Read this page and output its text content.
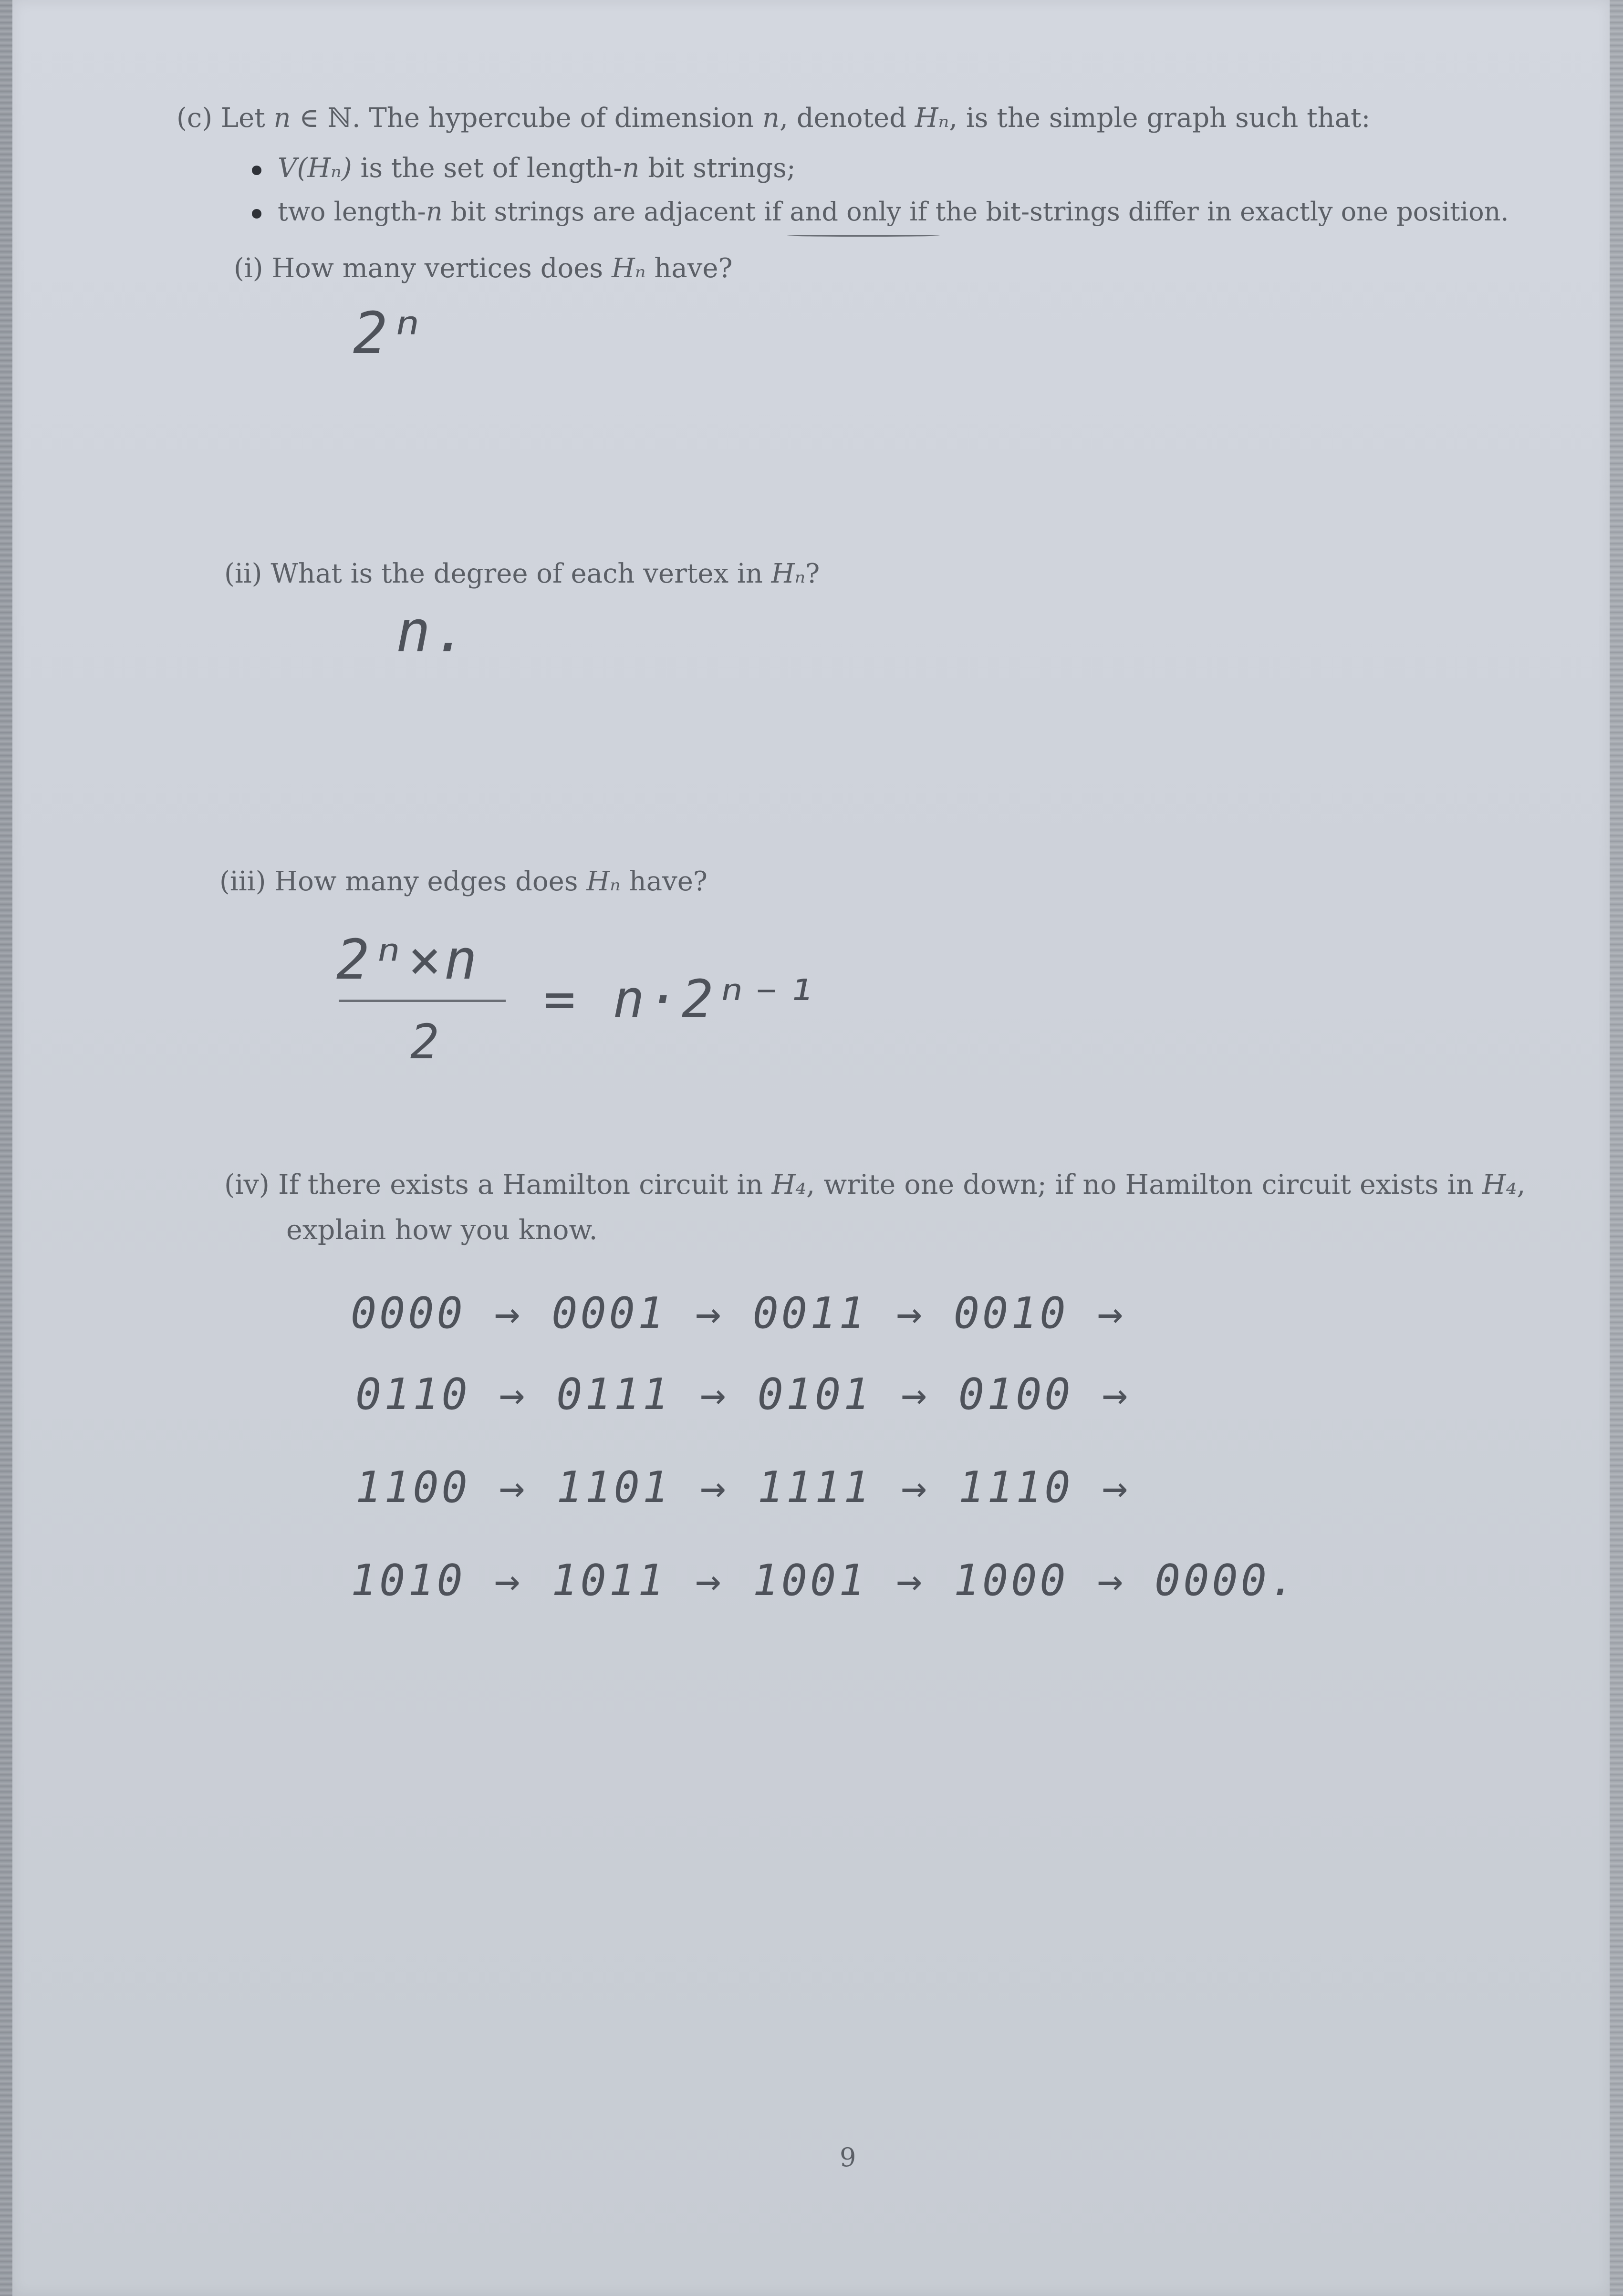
(c) Let n ∈ ℕ. The hypercube of dimension n, denoted Hₙ, is the simple graph such that:
V(Hₙ) is the set of length-n bit strings;
two length-n bit strings are adjacent if and only if the bit-strings differ in exactly one position.
(i) How many vertices does Hₙ have?
2ⁿ
(ii) What is the degree of each vertex in Hₙ?
n.
(iii) How many edges does Hₙ have?
2ⁿ×n
2
= n·2ⁿ⁻¹
(iv) If there exists a Hamilton circuit in H₄, write one down; if no Hamilton circuit exists in H₄,
explain how you know.
0000 → 0001 → 0011 → 0010 →
0110 → 0111 → 0101 → 0100 →
1100 → 1101 → 1111 → 1110 →
1010 → 1011 → 1001 → 1000 → 0000.
9
